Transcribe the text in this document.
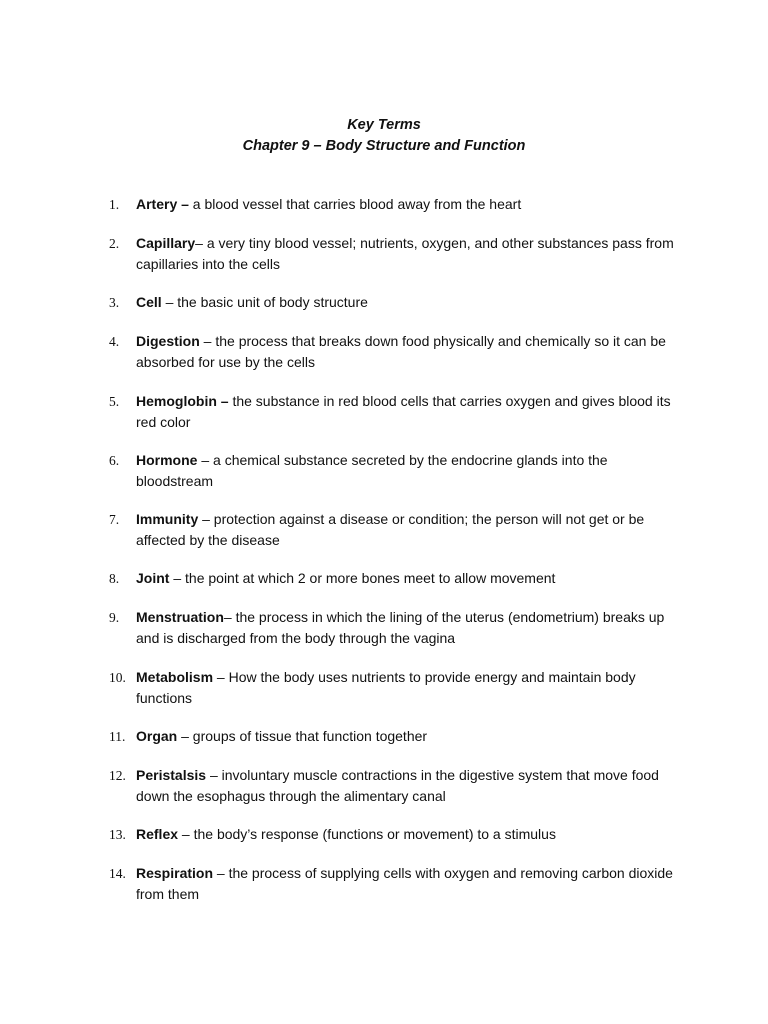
Key Terms
Chapter 9 – Body Structure and Function
1.	Artery – a blood vessel that carries blood away from the heart
2.	Capillary– a very tiny blood vessel; nutrients, oxygen, and other substances pass from capillaries into the cells
3.	Cell – the basic unit of body structure
4.	Digestion – the process that breaks down food physically and chemically so it can be absorbed for use by the cells
5.	Hemoglobin – the substance in red blood cells that carries oxygen and gives blood its red color
6.	Hormone – a chemical substance secreted by the endocrine glands into the bloodstream
7.	Immunity – protection against a disease or condition; the person will not get or be affected by the disease
8.	Joint – the point at which 2 or more bones meet to allow movement
9.	Menstruation– the process in which the lining of the uterus (endometrium) breaks up and is discharged from the body through the vagina
10. Metabolism – How the body uses nutrients to provide energy and maintain body functions
11. Organ – groups of tissue that function together
12. Peristalsis – involuntary muscle contractions in the digestive system that move food down the esophagus through the alimentary canal
13. Reflex – the body’s response (functions or movement) to a stimulus
14. Respiration – the process of supplying cells with oxygen and removing carbon dioxide from them
